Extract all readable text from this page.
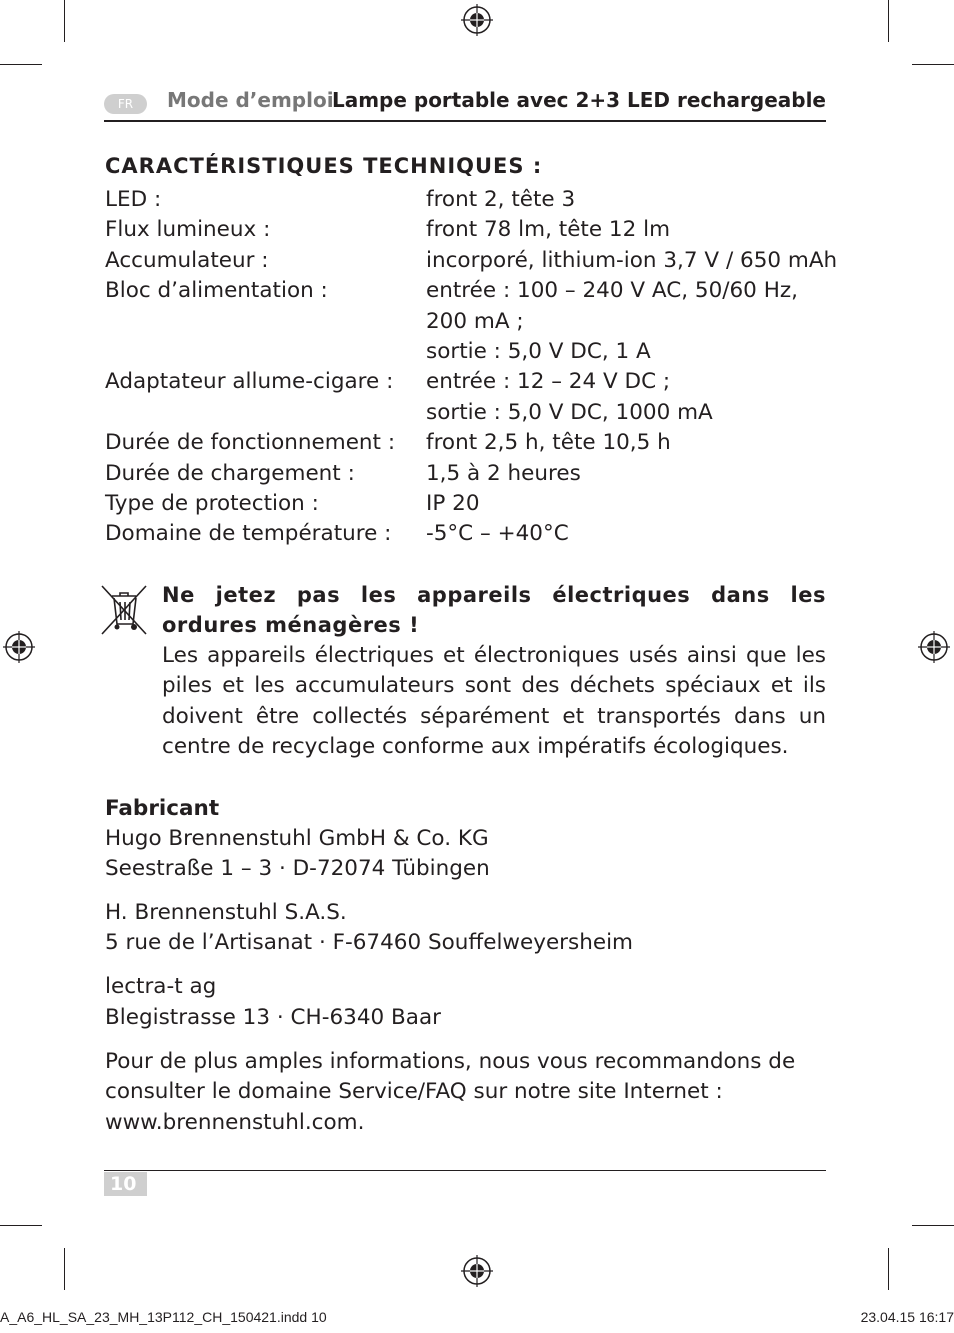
FR	Mode d’emploi
Lampe portable avec 2+3 LED rechargeable
CARACTÉRISTIQUES TECHNIQUES :
LED :	front 2, tête 3
Flux lumineux :	front 78 lm, tête 12 lm
Accumulateur :	incorporé, lithium-ion 3,7 V / 650 mAh
Bloc d’alimentation :	entrée : 100 – 240 V AC, 50/60 Hz,
200 mA ;
sortie : 5,0 V DC, 1 A
Adaptateur allume-cigare :	entrée : 12 – 24 V DC ;
sortie : 5,0 V DC, 1000 mA
Durée de fonctionnement :	front 2,5 h, tête 10,5 h
Durée de chargement :	1,5 à 2 heures
Type de protection :	IP 20
Domaine de température :	-5°C – +40°C
Ne jetez pas les appareils électriques dans les ordures ménagères !
Les appareils électriques et électroniques usés ainsi que les piles et les accumulateurs sont des déchets spéciaux et ils doivent être collectés séparément et transportés dans un centre de recyclage conforme aux impératifs écologiques.
Fabricant
Hugo Brennenstuhl GmbH & Co. KG
Seestraße 1 – 3 · D-72074 Tübingen
H. Brennenstuhl S.A.S.
5 rue de l’Artisanat · F-67460 Souffelweyersheim
lectra-t ag
Blegistrasse 13 · CH-6340 Baar
Pour de plus amples informations, nous vous recommandons de
consulter le domaine Service/FAQ sur notre site Internet :
www.brennenstuhl.com.
10
A_A6_HL_SA_23_MH_13P112_CH_150421.indd 10	23.04.15 16:17
